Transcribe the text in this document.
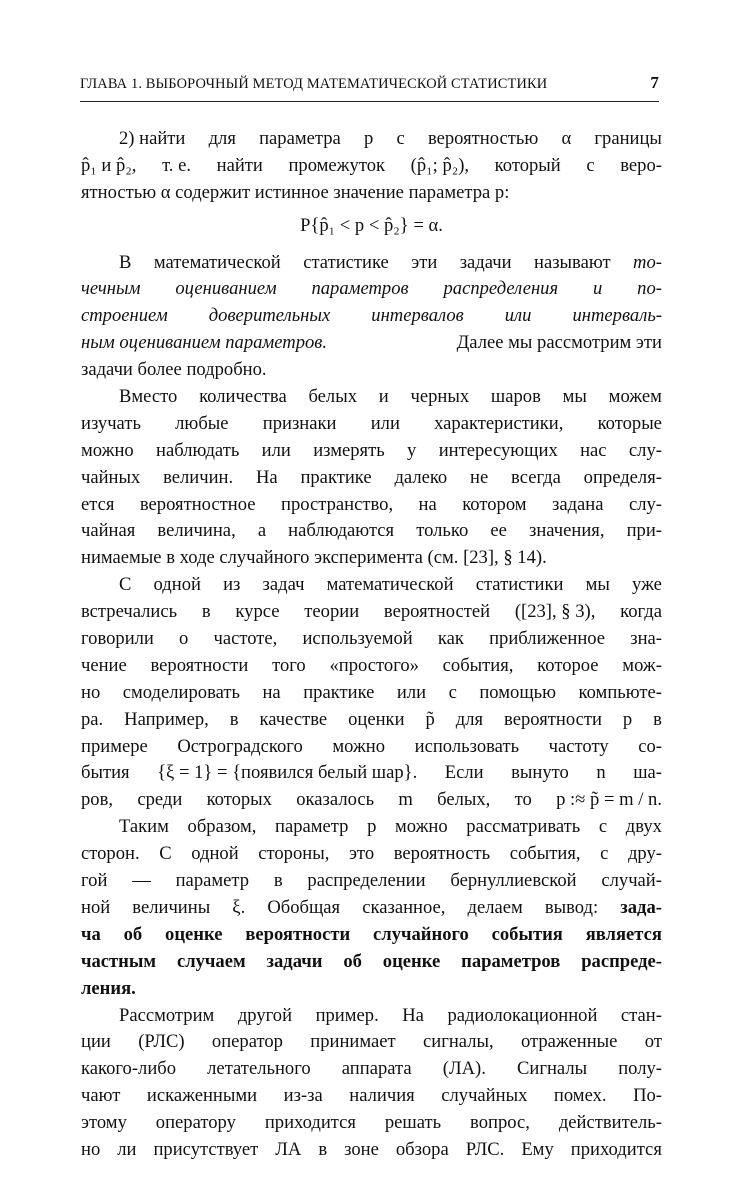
ГЛАВА 1. ВЫБОРОЧНЫЙ МЕТОД МАТЕМАТИЧЕСКОЙ СТАТИСТИКИ	7
2) найти для параметра p с вероятностью α границы
p̂₁ и p̂₂, т. е. найти промежуток (p̂₁; p̂₂), который с веро-
ятностью α содержит истинное значение параметра p:
P{p̂₁ < p < p̂₂} = α.
В математической статистике эти задачи называют то-
чечным оцениванием параметров распределения и по-
строением доверительных интервалов или интерваль-
ным оцениванием параметров.	Далее мы рассмотрим эти
задачи более подробно.
Вместо количества белых и черных шаров мы можем
изучать любые признаки или характеристики, которые
можно наблюдать или измерять у интересующих нас слу-
чайных величин. На практике далеко не всегда определя-
ется вероятностное пространство, на котором задана слу-
чайная величина, а наблюдаются только ее значения, при-
нимаемые в ходе случайного эксперимента (см. [23], § 14).
С одной из задач математической статистики мы уже
встречались в курсе теории вероятностей ([23], § 3), когда
говорили о частоте, используемой как приближенное зна-
чение вероятности того «простого» события, которое мож-
но смоделировать на практике или с помощью компьюте-
ра. Например, в качестве оценки p̃ для вероятности p в
примере Остроградского можно использовать частоту со-
бытия {ξ = 1} = {появился белый шар}. Если вынуто n ша-
ров, среди которых оказалось m белых, то p :≈ p̃ = m / n.
Таким образом, параметр p можно рассматривать с двух
сторон. С одной стороны, это вероятность события, с дру-
гой — параметр в распределении бернуллиевской случай-
ной величины ξ. Обобщая сказанное, делаем вывод: зада-
ча об оценке вероятности случайного события является
частным случаем задачи об оценке параметров распреде-
ления.
Рассмотрим другой пример. На радиолокационной стан-
ции (РЛС) оператор принимает сигналы, отраженные от
какого-либо летательного аппарата (ЛА). Сигналы полу-
чают искаженными из-за наличия случайных помех. По-
этому оператору приходится решать вопрос, действитель-
но ли присутствует ЛА в зоне обзора РЛС. Ему приходится
